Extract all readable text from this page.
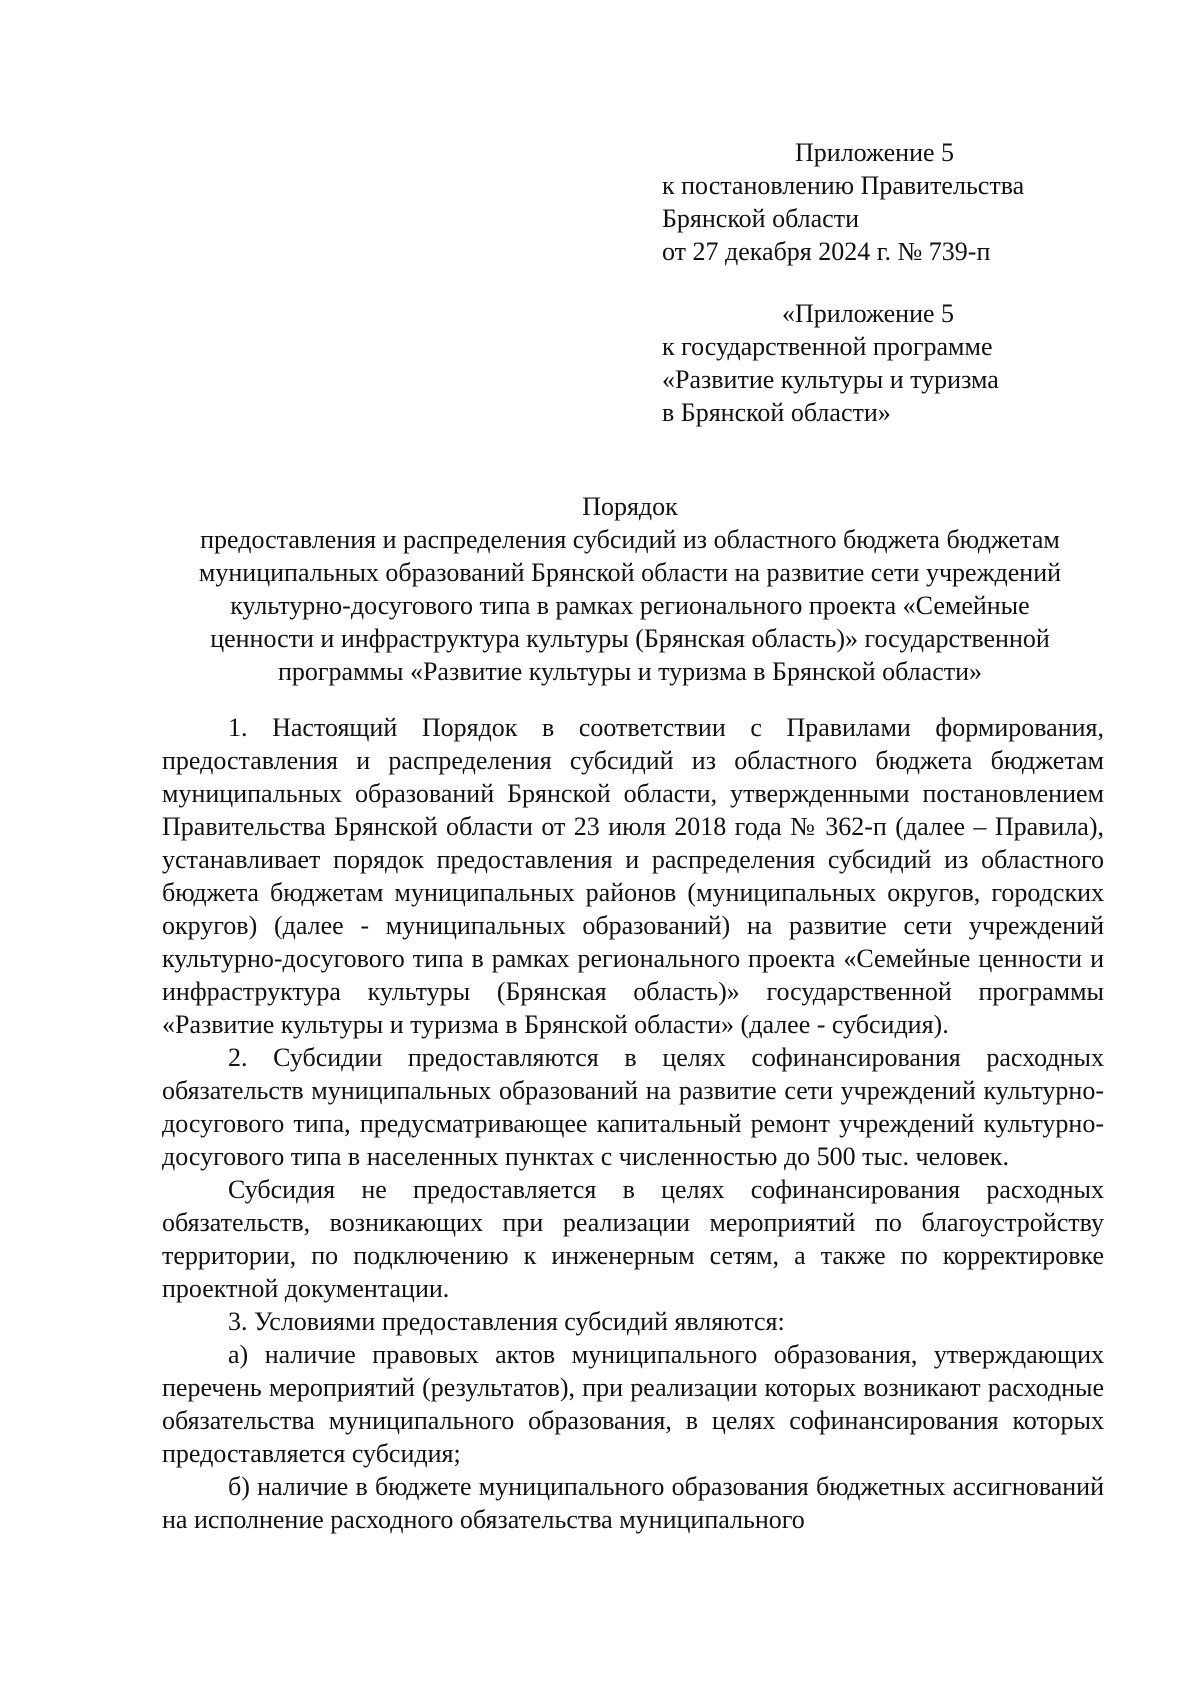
Приложение 5
к постановлению Правительства
Брянской области
от 27 декабря 2024 г. № 739-п
«Приложение 5
к государственной программе
«Развитие культуры и туризма
в Брянской области»
Порядок
предоставления и распределения субсидий из областного бюджета бюджетам
муниципальных образований Брянской области на развитие сети учреждений
культурно-досугового типа в рамках регионального проекта «Семейные
ценности и инфраструктура культуры (Брянская область)» государственной
программы «Развитие культуры и туризма в Брянской области»

1. Настоящий Порядок в соответствии с Правилами формирования, предоставления и распределения субсидий из областного бюджета бюджетам муниципальных образований Брянской области, утвержденными постановлением Правительства Брянской области от 23 июля 2018 года № 362-п (далее – Правила), устанавливает порядок предоставления и распределения субсидий из областного бюджета бюджетам муниципальных районов (муниципальных округов, городских округов) (далее - муниципальных образований) на развитие сети учреждений культурно-досугового типа в рамках регионального проекта «Семейные ценности и инфраструктура культуры (Брянская область)» государственной программы «Развитие культуры и туризма в Брянской области» (далее - субсидия).

2. Субсидии предоставляются в целях софинансирования расходных обязательств муниципальных образований на развитие сети учреждений культурно-досугового типа, предусматривающее капитальный ремонт учреждений культурно-досугового типа в населенных пунктах с численностью до 500 тыс. человек.

Субсидия не предоставляется в целях софинансирования расходных обязательств, возникающих при реализации мероприятий по благоустройству территории, по подключению к инженерным сетям, а также по корректировке проектной документации.

3. Условиями предоставления субсидий являются:

а) наличие правовых актов муниципального образования, утверждающих перечень мероприятий (результатов), при реализации которых возникают расходные обязательства муниципального образования, в целях софинансирования которых предоставляется субсидия;

б) наличие в бюджете муниципального образования бюджетных ассигнований на исполнение расходного обязательства муниципального
